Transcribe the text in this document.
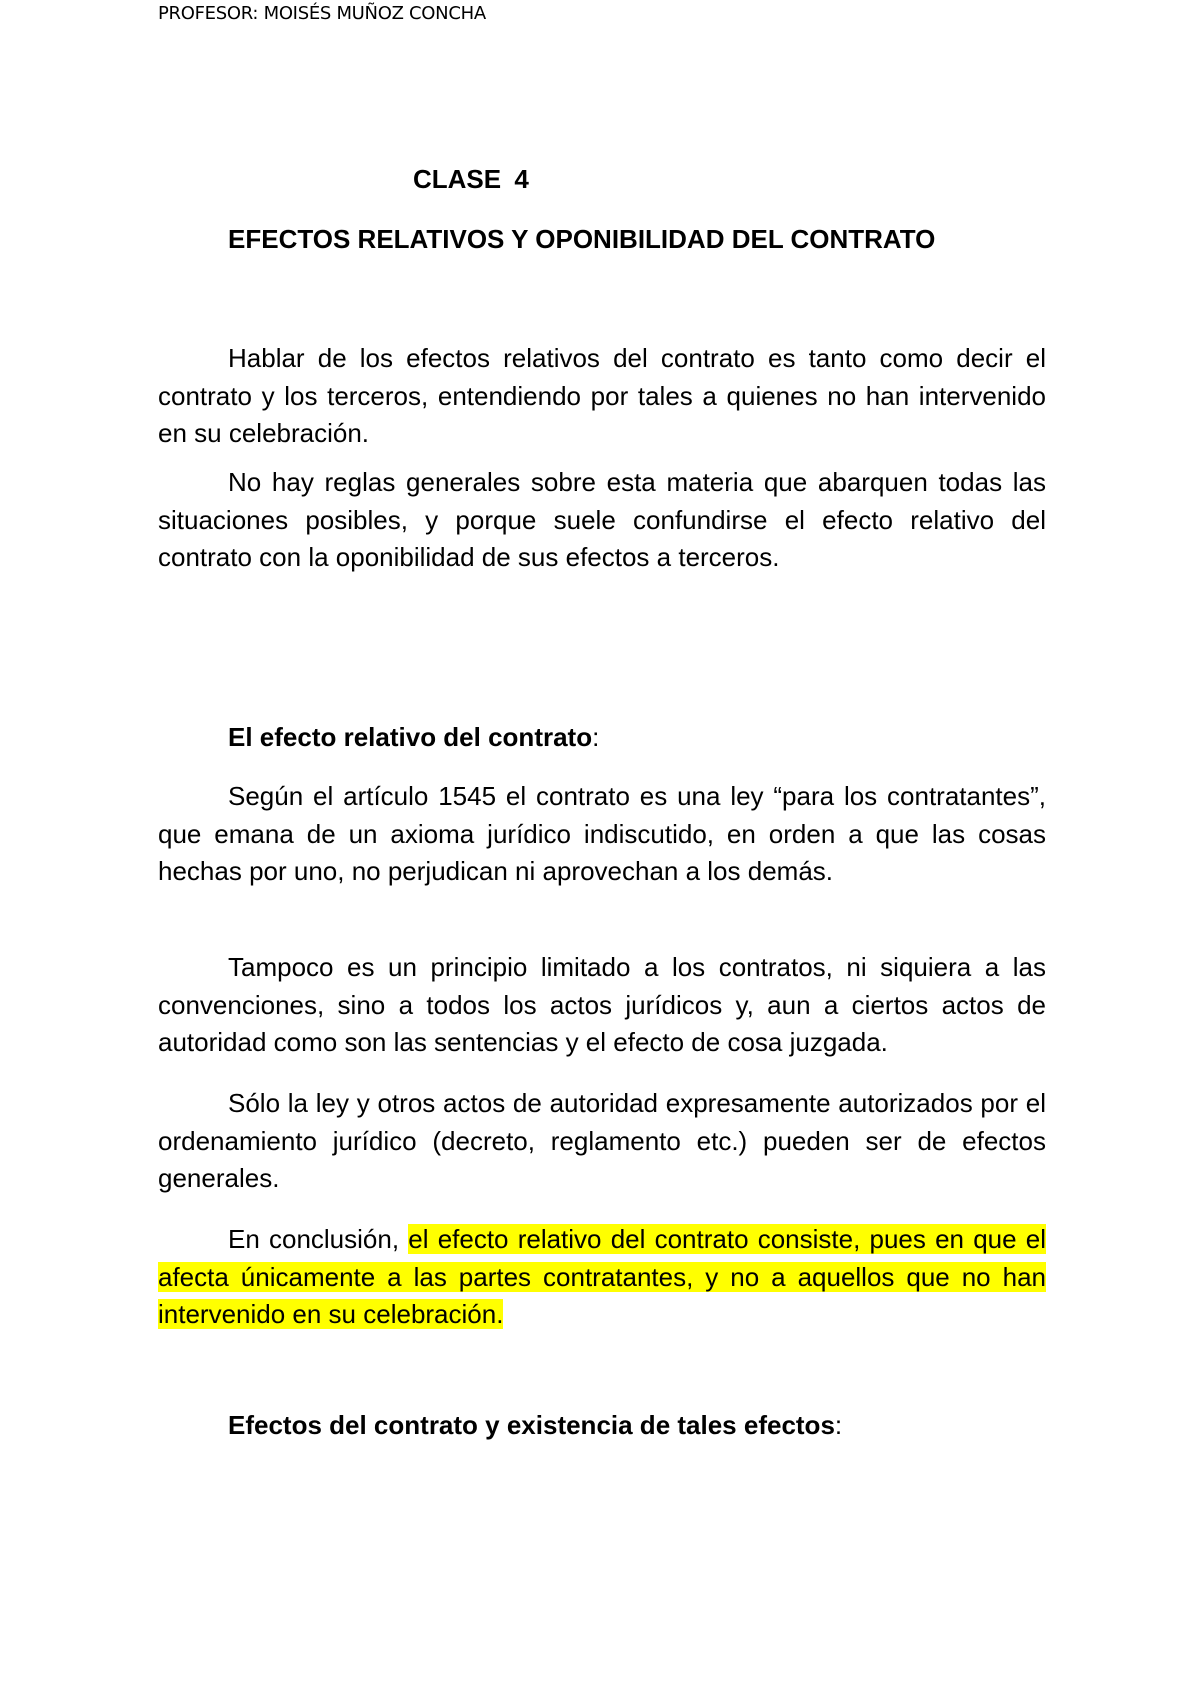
PROFESOR: MOISÉS MUÑOZ CONCHA
CLASE 4
EFECTOS RELATIVOS Y OPONIBILIDAD DEL CONTRATO

Hablar de los efectos relativos del contrato es tanto como decir el contrato y los terceros, entendiendo por tales a quienes no han intervenido en su celebración.

No hay reglas generales sobre esta materia que abarquen todas las situaciones posibles, y porque suele confundirse el efecto relativo del contrato con la oponibilidad de sus efectos a terceros.

El efecto relativo del contrato:

Según el artículo 1545 el contrato es una ley “para los contratantes”, que emana de un axioma jurídico indiscutido, en orden a que las cosas hechas por uno, no perjudican ni aprovechan a los demás.

Tampoco es un principio limitado a los contratos, ni siquiera a las convenciones, sino a todos los actos jurídicos y, aun a ciertos actos de autoridad como son las sentencias y el efecto de cosa juzgada.

Sólo la ley y otros actos de autoridad expresamente autorizados por el ordenamiento jurídico (decreto, reglamento etc.) pueden ser de efectos generales.

En conclusión, el efecto relativo del contrato consiste, pues en que el afecta únicamente a las partes contratantes, y no a aquellos que no han intervenido en su celebración.

Efectos del contrato y existencia de tales efectos:
